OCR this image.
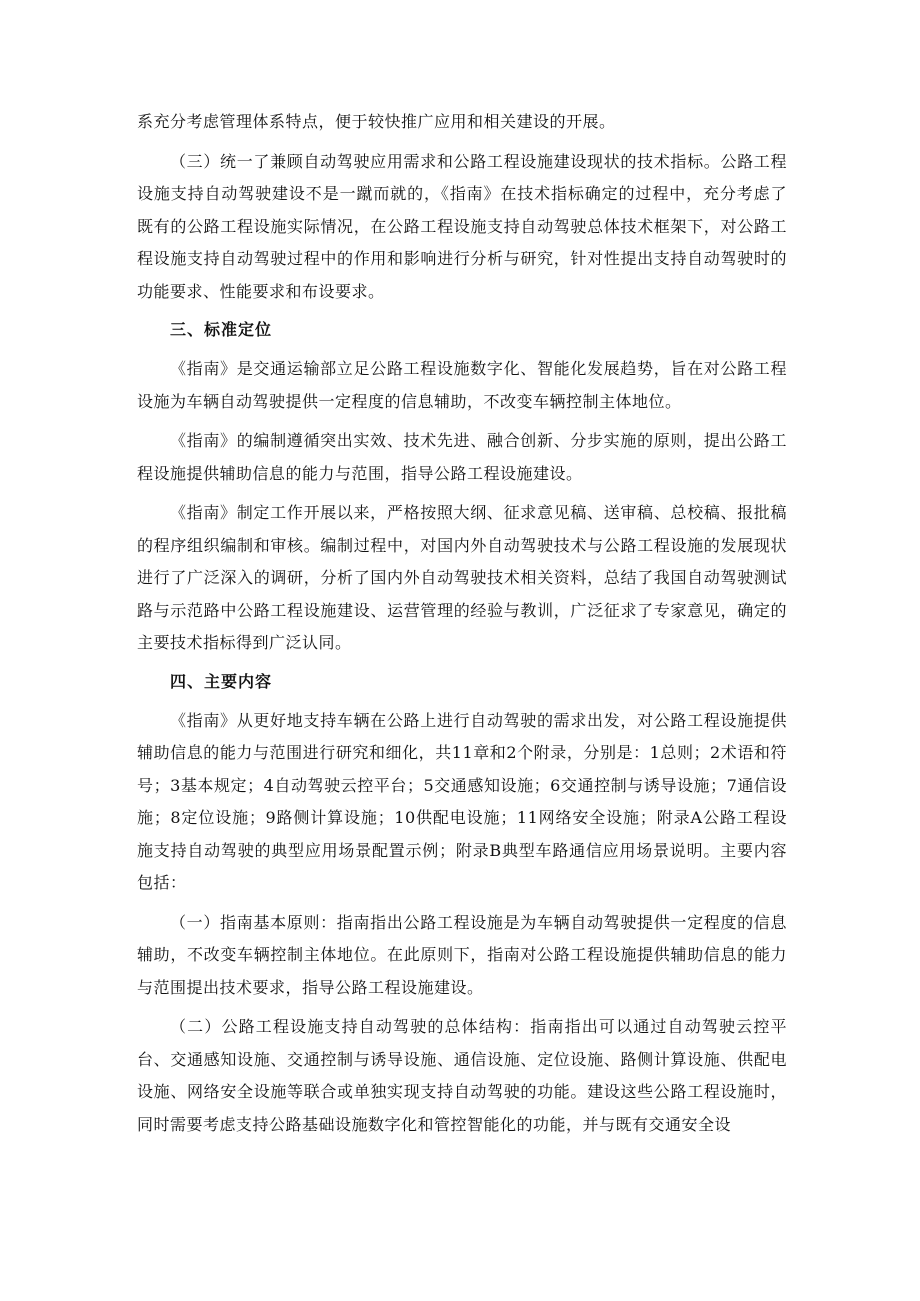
系充分考虑管理体系特点，便于较快推广应用和相关建设的开展。

（三）统一了兼顾自动驾驶应用需求和公路工程设施建设现状的技术指标。公路工程设施支持自动驾驶建设不是一蹴而就的，《指南》在技术指标确定的过程中，充分考虑了既有的公路工程设施实际情况，在公路工程设施支持自动驾驶总体技术框架下，对公路工程设施支持自动驾驶过程中的作用和影响进行分析与研究，针对性提出支持自动驾驶时的功能要求、性能要求和布设要求。

三、标准定位

《指南》是交通运输部立足公路工程设施数字化、智能化发展趋势，旨在对公路工程设施为车辆自动驾驶提供一定程度的信息辅助，不改变车辆控制主体地位。

《指南》的编制遵循突出实效、技术先进、融合创新、分步实施的原则，提出公路工程设施提供辅助信息的能力与范围，指导公路工程设施建设。

《指南》制定工作开展以来，严格按照大纲、征求意见稿、送审稿、总校稿、报批稿的程序组织编制和审核。编制过程中，对国内外自动驾驶技术与公路工程设施的发展现状进行了广泛深入的调研，分析了国内外自动驾驶技术相关资料，总结了我国自动驾驶测试路与示范路中公路工程设施建设、运营管理的经验与教训，广泛征求了专家意见，确定的主要技术指标得到广泛认同。

四、主要内容

《指南》从更好地支持车辆在公路上进行自动驾驶的需求出发，对公路工程设施提供辅助信息的能力与范围进行研究和细化，共11章和2个附录，分别是：1总则；2术语和符号；3基本规定；4自动驾驶云控平台；5交通感知设施；6交通控制与诱导设施；7通信设施；8定位设施；9路侧计算设施；10供配电设施；11网络安全设施；附录A公路工程设施支持自动驾驶的典型应用场景配置示例；附录B典型车路通信应用场景说明。主要内容包括：

（一）指南基本原则：指南指出公路工程设施是为车辆自动驾驶提供一定程度的信息辅助，不改变车辆控制主体地位。在此原则下，指南对公路工程设施提供辅助信息的能力与范围提出技术要求，指导公路工程设施建设。

（二）公路工程设施支持自动驾驶的总体结构：指南指出可以通过自动驾驶云控平台、交通感知设施、交通控制与诱导设施、通信设施、定位设施、路侧计算设施、供配电设施、网络安全设施等联合或单独实现支持自动驾驶的功能。建设这些公路工程设施时，同时需要考虑支持公路基础设施数字化和管控智能化的功能，并与既有交通安全设
